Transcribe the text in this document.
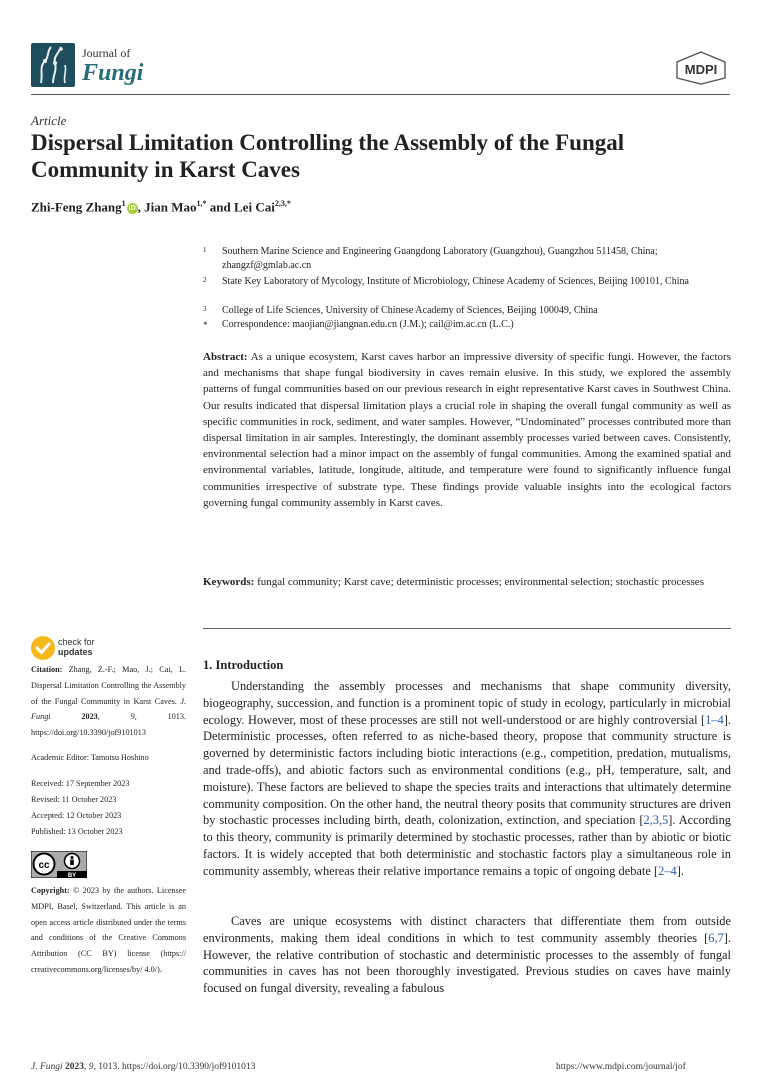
Journal of
Fungi	MDPI
Article
Dispersal Limitation Controlling the Assembly of the Fungal Community in Karst Caves
Zhi-Feng Zhang$^1$iD , Jian Mao$^{1,*}$ and Lei Cai$^{2,3,*}$
1 Southern Marine Science and Engineering Guangdong Laboratory (Guangzhou), Guangzhou 511458, China; zhangzf@gmlab.ac.cn
2 State Key Laboratory of Mycology, Institute of Microbiology, Chinese Academy of Sciences, Beijing 100101, China
3 College of Life Sciences, University of Chinese Academy of Sciences, Beijing 100049, China
* Correspondence: maojian@jiangnan.edu.cn (J.M.); cail@im.ac.cn (L.C.)
Abstract: As a unique ecosystem, Karst caves harbor an impressive diversity of specific fungi. However, the factors and mechanisms that shape fungal biodiversity in caves remain elusive. In this study, we explored the assembly patterns of fungal communities based on our previous research in eight representative Karst caves in Southwest China. Our results indicated that dispersal limitation plays a crucial role in shaping the overall fungal community as well as specific communities in rock, sediment, and water samples. However, “Undominated” processes contributed more than dispersal limitation in air samples. Interestingly, the dominant assembly processes varied between caves. Consistently, environmental selection had a minor impact on the assembly of fungal communities. Among the examined spatial and environmental variables, latitude, longitude, altitude, and temperature were found to significantly influence fungal communities irrespective of substrate type. These findings provide valuable insights into the ecological factors governing fungal community assembly in Karst caves.
Keywords: fungal community; Karst cave; deterministic processes; environmental selection; stochastic processes
check for
updates
Citation: Zhang, Z.-F.; Mao, J.; Cai, L. Dispersal Limitation Controlling the Assembly of the Fungal Community in Karst Caves. J. Fungi	2023, 9, 1013. https://doi.org/10.3390/jof9101013
Academic Editor: Tamotsu Hoshino
Received: 17 September 2023
Revised: 11 October 2023
Accepted: 12 October 2023
Published: 13 October 2023
cc
BY
Copyright: © 2023 by the authors. Licensee MDPI, Basel, Switzerland. This article is an open access article distributed under the terms and conditions of the Creative Commons Attribution (CC BY) license (https:// creativecommons.org/licenses/by/ 4.0/).
1. Introduction
Understanding the assembly processes and mechanisms that shape community diversity, biogeography, succession, and function is a prominent topic of study in ecology, particularly in microbial ecology. However, most of these processes are still not well-understood or are highly controversial [1–4]. Deterministic processes, often referred to as niche-based theory, propose that community structure is governed by deterministic factors including biotic interactions (e.g., competition, predation, mutualisms, and trade-offs), and abiotic factors such as environmental conditions (e.g., pH, temperature, salt, and moisture). These factors are believed to shape the species traits and interactions that ultimately determine community composition. On the other hand, the neutral theory posits that community structures are driven by stochastic processes including birth, death, colonization, extinction, and speciation [2,3,5]. According to this theory, community is primarily determined by stochastic processes, rather than by abiotic or biotic factors. It is widely accepted that both deterministic and stochastic factors play a simultaneous role in community assembly, whereas their relative importance remains a topic of ongoing debate [2–4].
Caves are unique ecosystems with distinct characters that differentiate them from outside environments, making them ideal conditions in which to test community assembly theories [6,7]. However, the relative contribution of stochastic and deterministic processes to the assembly of fungal communities in caves has not been thoroughly investigated. Previous studies on caves have mainly focused on fungal diversity, revealing a fabulous
J. Fungi 2023, 9, 1013. https://doi.org/10.3390/jof9101013	https://www.mdpi.com/journal/jof
